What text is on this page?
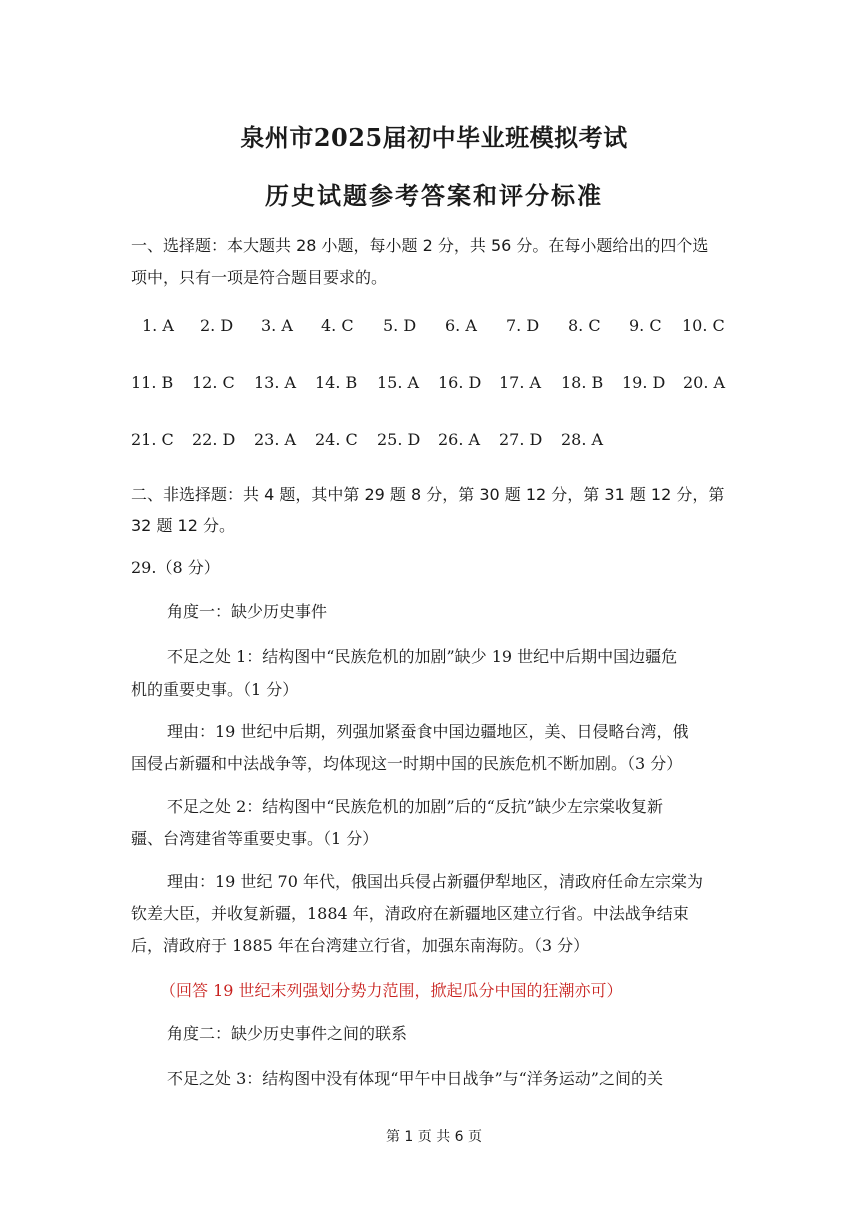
泉州市2025届初中毕业班模拟考试
历史试题参考答案和评分标准
一、选择题：本大题共 28 小题，每小题 2 分，共 56 分。在每小题给出的四个选
项中，只有一项是符合题目要求的。
1. A 2. D 3. A 4. C 5. D 6. A 7. D 8. C 9. C 10. C
11. B 12. C 13. A 14. B 15. A 16. D 17. A 18. B 19. D 20. A
21. C 22. D 23. A 24. C 25. D 26. A 27. D 28. A
二、非选择题：共 4 题，其中第 29 题 8 分，第 30 题 12 分，第 31 题 12 分，第
32 题 12 分。
29.（8 分）
角度一：缺少历史事件
不足之处 1：结构图中“民族危机的加剧”缺少 19 世纪中后期中国边疆危
机的重要史事。（1 分）
理由：19 世纪中后期，列强加紧蚕食中国边疆地区，美、日侵略台湾，俄
国侵占新疆和中法战争等，均体现这一时期中国的民族危机不断加剧。（3 分）
不足之处 2：结构图中“民族危机的加剧”后的“反抗”缺少左宗棠收复新
疆、台湾建省等重要史事。（1 分）
理由：19 世纪 70 年代，俄国出兵侵占新疆伊犁地区，清政府任命左宗棠为
钦差大臣，并收复新疆，1884 年，清政府在新疆地区建立行省。中法战争结束
后，清政府于 1885 年在台湾建立行省，加强东南海防。（3 分）
（回答 19 世纪末列强划分势力范围，掀起瓜分中国的狂潮亦可）
角度二：缺少历史事件之间的联系
不足之处 3：结构图中没有体现“甲午中日战争”与“洋务运动”之间的关
第 1 页 共 6 页
